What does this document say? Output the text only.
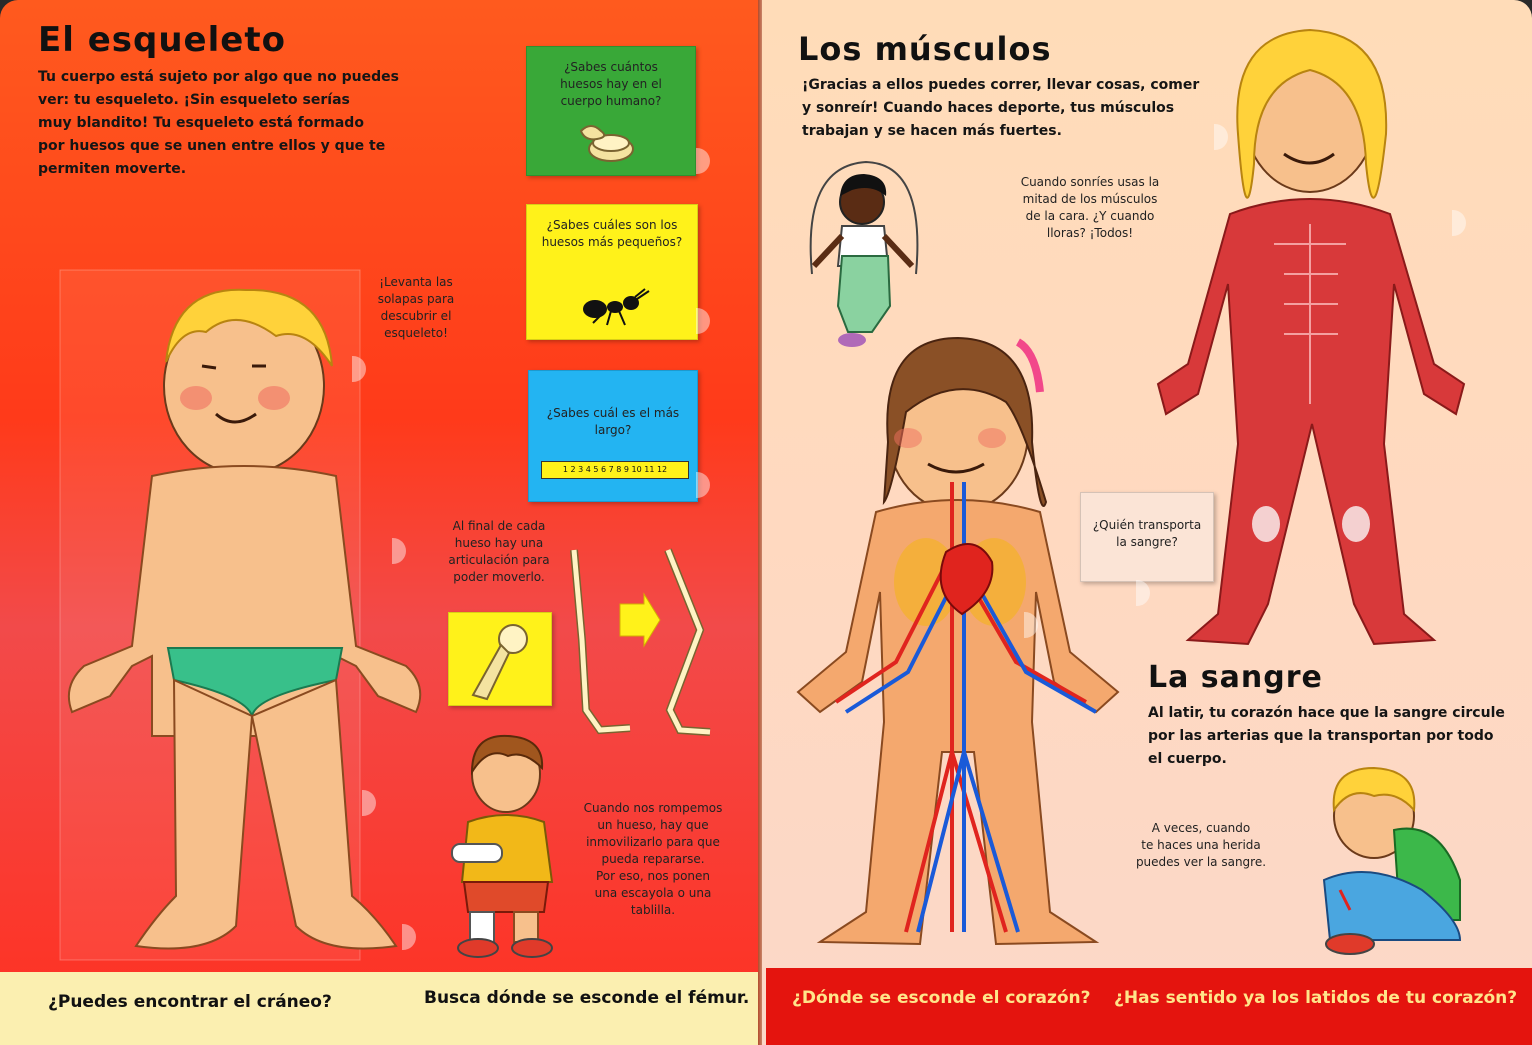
El esqueleto
Tu cuerpo está sujeto por algo que no puedes
ver: tu esqueleto. ¡Sin esqueleto serías
muy blandito! Tu esqueleto está formado
por huesos que se unen entre ellos y que te
permiten moverte.
¿Sabes cuántos
huesos hay en el
cuerpo humano?
¿Sabes cuáles son los
huesos más pequeños?
¿Sabes cuál es el más
largo?
1 2 3 4 5 6 7 8 9 10 11 12
¡Levanta las
solapas para
descubrir el
esqueleto!
Al final de cada
hueso hay una
articulación para
poder moverlo.
Cuando nos rompemos
un hueso, hay que
inmovilizarlo para que
pueda repararse.
Por eso, nos ponen
una escayola o una
tablilla.
¿Puedes encontrar el cráneo?	Busca dónde se esconde el fémur.
Los músculos
¡Gracias a ellos puedes correr, llevar cosas, comer
y sonreír! Cuando haces deporte, tus músculos
trabajan y se hacen más fuertes.
Cuando sonríes usas la
mitad de los músculos
de la cara. ¿Y cuando
lloras? ¡Todos!
¿Quién transporta
la sangre?
La sangre
Al latir, tu corazón hace que la sangre circule
por las arterias que la transportan por todo
el cuerpo.
A veces, cuando
te haces una herida
puedes ver la sangre.
¿Dónde se esconde el corazón? ¿Has sentido ya los latidos de tu corazón?
